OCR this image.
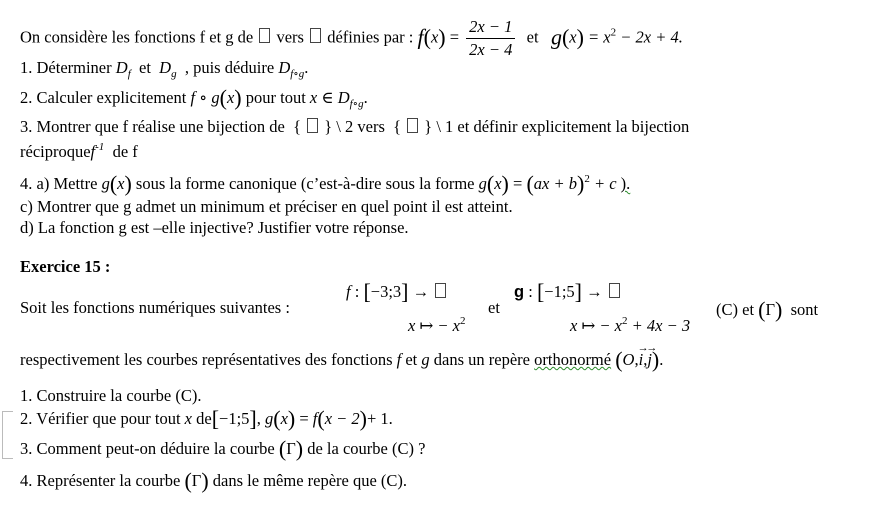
On considère les fonctions f et g de vers définies par : $f(x) = \frac{2x - 1}{2x - 4}$ et $g(x) = x^2 - 2x + 4$.
1. Déterminer $D_f$ et $D_g$ , puis déduire $D_{f\circ g}$.
2. Calculer explicitement f ∘ g(x) pour tout x ∈ $D_{f\circ g}$.
3. Montrer que f réalise une bijection de  {  } \ 2 vers  {  } \ 1 et définir explicitement la bijection
réciproquef$^{-1}$ de f
4. a) Mettre g(x) sous la forme canonique (c’est-à-dire sous la forme g(x) = (ax + b)$^2$ + c ).
c) Montrer que g admet un minimum et préciser en quel point il est atteint.
d) La fonction g est –elle injective? Justifier votre réponse.
Exercice 15 :
Soit les fonctions numériques suivantes :
f : [−3;3] →
x ↦ − $x^2$
et
g : [−1;5] →
x ↦ − $x^2 + 4x - 3$
(C) et (Γ) sont
respectivement les courbes représentatives des fonctions f et g dans un repère orthonormé (O,→ i,→ j).
1. Construire la courbe (C).
2. Vérifier que pour tout x de[−1;5], g(x) = f(x − 2)+ 1.
3. Comment peut-on déduire la courbe (Γ) de la courbe (C) ?
4. Représenter la courbe (Γ) dans le même repère que (C).
